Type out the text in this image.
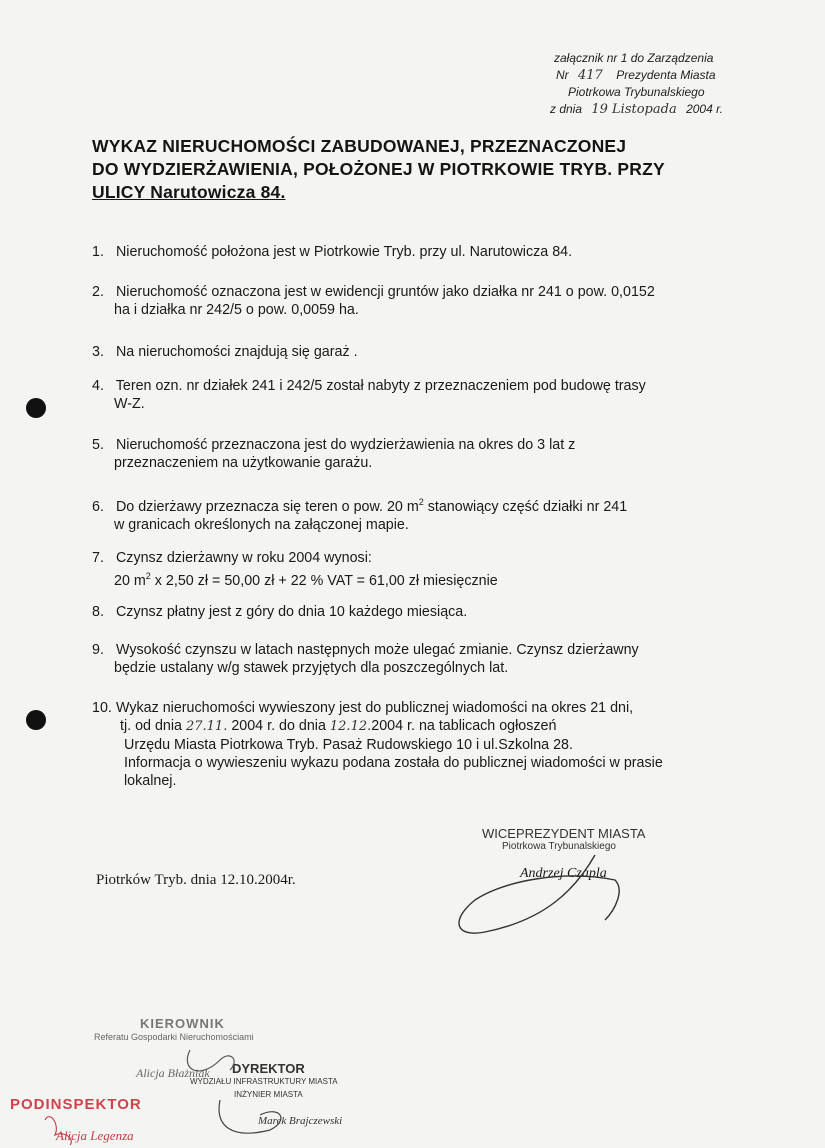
załącznik nr 1 do Zarządzenia
Nr 417 Prezydenta Miasta
Piotrkowa Trybunalskiego
z dnia 19 Listopada 2004 r.
WYKAZ NIERUCHOMOŚCI ZABUDOWANEJ, PRZEZNACZONEJ
DO WYDZIERŻAWIENIA, POŁOŻONEJ W PIOTRKOWIE TRYB. PRZY
ULICY Narutowicza 84.
1. Nieruchomość położona jest w Piotrkowie Tryb. przy ul. Narutowicza 84.
2. Nieruchomość oznaczona jest w ewidencji gruntów jako działka nr 241 o pow. 0,0152
ha i działka nr 242/5 o pow. 0,0059 ha.
3. Na nieruchomości znajdują się garaż .
4. Teren ozn. nr działek 241 i 242/5 został nabyty z przeznaczeniem pod budowę trasy
W-Z.
5. Nieruchomość przeznaczona jest do wydzierżawienia na okres do 3 lat z
przeznaczeniem na użytkowanie garażu.
6. Do dzierżawy przeznacza się teren o pow. 20 $m^2$ stanowiący część działki nr 241
w granicach określonych na załączonej mapie.
7. Czynsz dzierżawny w roku 2004 wynosi:
20 $m^2$ x 2,50 zł = 50,00 zł + 22 % VAT = 61,00 zł miesięcznie
8. Czynsz płatny jest z góry do dnia 10 każdego miesiąca.
9. Wysokość czynszu w latach następnych może ulegać zmianie. Czynsz dzierżawny
będzie ustalany w/g stawek przyjętych dla poszczególnych lat.
10. Wykaz nieruchomości wywieszony jest do publicznej wiadomości na okres 21 dni,
tj. od dnia 27.11. 2004 r. do dnia 12.12.2004 r. na tablicach ogłoszeń
Urzędu Miasta Piotrkowa Tryb. Pasaż Rudowskiego 10 i ul.Szkolna 28.
Informacja o wywieszeniu wykazu podana została do publicznej wiadomości w prasie
lokalnej.
Piotrków Tryb. dnia 12.10.2004r.
WICEPREZYDENT MIASTA
Piotrkowa Trybunalskiego
Andrzej Czapla
KIEROWNIK
Referatu Gospodarki Nieruchomościami
Alicja Błażniak DYREKTOR
WYDZIAŁU INFRASTRUKTURY MIASTA
INŻYNIER MIASTA
Marek Brajczewski
PODINSPEKTOR
Alicja Legenza
